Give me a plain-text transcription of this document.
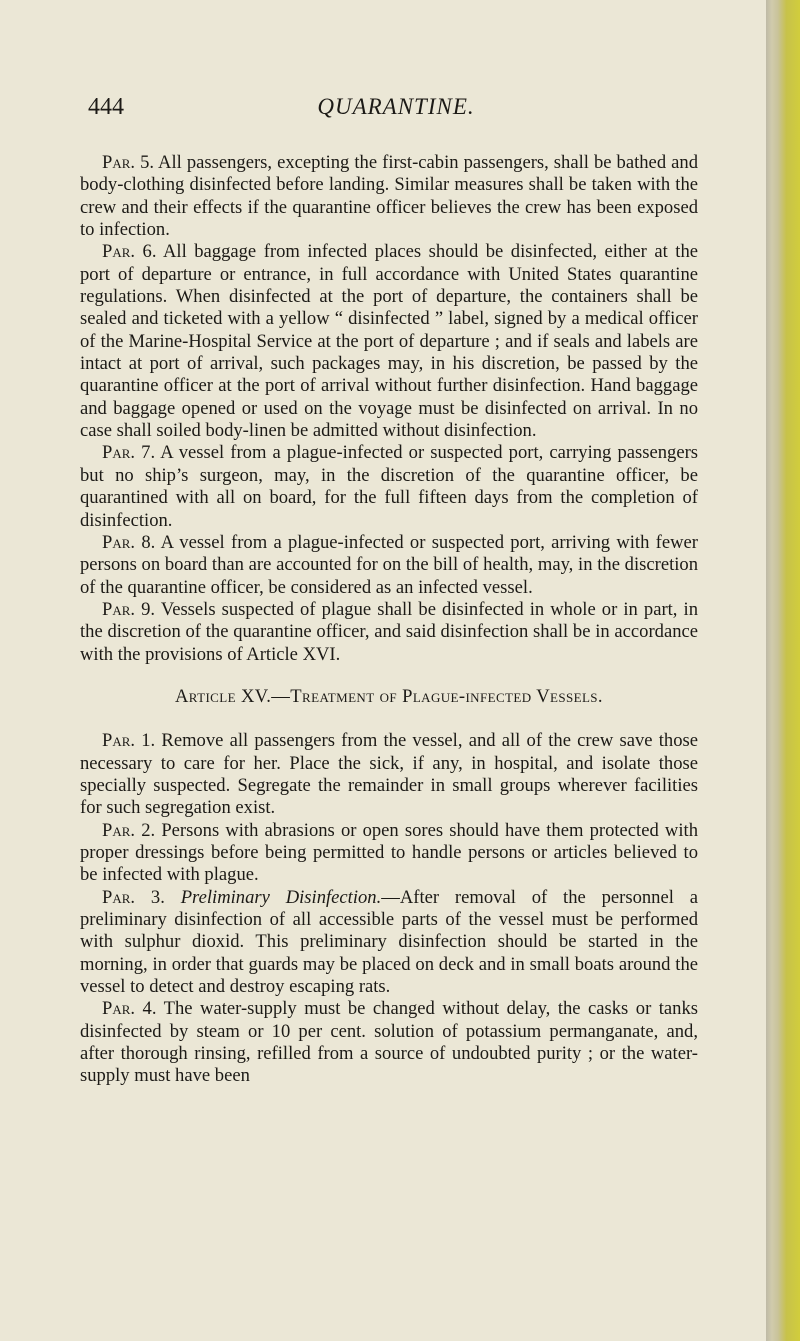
444	QUARANTINE.

Par. 5. All passengers, excepting the first-cabin passengers, shall be bathed and body-clothing disinfected before landing. Similar measures shall be taken with the crew and their effects if the quarantine officer believes the crew has been exposed to infection.

Par. 6. All baggage from infected places should be disinfected, either at the port of departure or entrance, in full accordance with United States quarantine regulations. When disinfected at the port of departure, the containers shall be sealed and ticketed with a yellow “ disinfected ” label, signed by a medical officer of the Marine-Hospital Service at the port of departure ; and if seals and labels are intact at port of arrival, such packages may, in his discretion, be passed by the quarantine officer at the port of arrival without further disinfection. Hand baggage and baggage opened or used on the voyage must be disinfected on arrival. In no case shall soiled body-linen be admitted without disinfection.

Par. 7. A vessel from a plague-infected or suspected port, carrying passengers but no ship’s surgeon, may, in the discretion of the quarantine officer, be quarantined with all on board, for the full fifteen days from the completion of disinfection.

Par. 8. A vessel from a plague-infected or suspected port, arriving with fewer persons on board than are accounted for on the bill of health, may, in the discretion of the quarantine officer, be considered as an infected vessel.

Par. 9. Vessels suspected of plague shall be disinfected in whole or in part, in the discretion of the quarantine officer, and said disinfection shall be in accordance with the provisions of Article XVI.

Article XV.—Treatment of Plague-infected Vessels.

Par. 1. Remove all passengers from the vessel, and all of the crew save those necessary to care for her. Place the sick, if any, in hospital, and isolate those specially suspected. Segregate the remainder in small groups wherever facilities for such segregation exist.

Par. 2. Persons with abrasions or open sores should have them protected with proper dressings before being permitted to handle persons or articles believed to be infected with plague.

Par. 3. Preliminary Disinfection.—After removal of the personnel a preliminary disinfection of all accessible parts of the vessel must be performed with sulphur dioxid. This preliminary disinfection should be started in the morning, in order that guards may be placed on deck and in small boats around the vessel to detect and destroy escaping rats.

Par. 4. The water-supply must be changed without delay, the casks or tanks disinfected by steam or 10 per cent. solution of potassium permanganate, and, after thorough rinsing, refilled from a source of undoubted purity ; or the water-supply must have been
